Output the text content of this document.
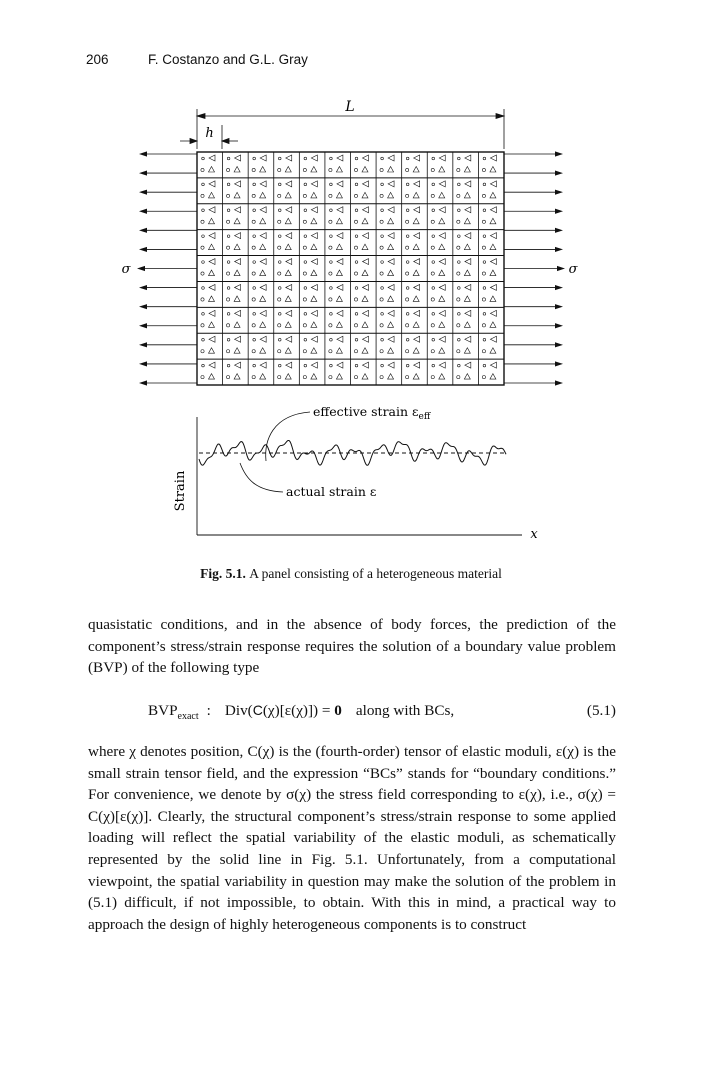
206	F. Costanzo and G.L. Gray
L
h
σ	σ
effective strain $\varepsilon_{eff}$
actual strain ε
Strain
x
Fig. 5.1. A panel consisting of a heterogeneous material

quasistatic conditions, and in the absence of body forces, the prediction of the component’s stress/strain response requires the solution of a boundary value problem (BVP) of the following type

$BVP_{exact}$ : Div(C(χ)[ε(χ)]) = 0 along with BCs,	(5.1)

where χ denotes position, C(χ) is the (fourth-order) tensor of elastic moduli, ε(χ) is the small strain tensor field, and the expression “BCs” stands for “boundary conditions.” For convenience, we denote by σ(χ) the stress field corresponding to ε(χ), i.e., σ(χ) = C(χ)[ε(χ)]. Clearly, the structural component’s stress/strain response to some applied loading will reflect the spatial variability of the elastic moduli, as schematically represented by the solid line in Fig. 5.1. Unfortunately, from a computational viewpoint, the spatial variability in question may make the solution of the problem in (5.1) difficult, if not impossible, to obtain. With this in mind, a practical way to approach the design of highly heterogeneous components is to construct
